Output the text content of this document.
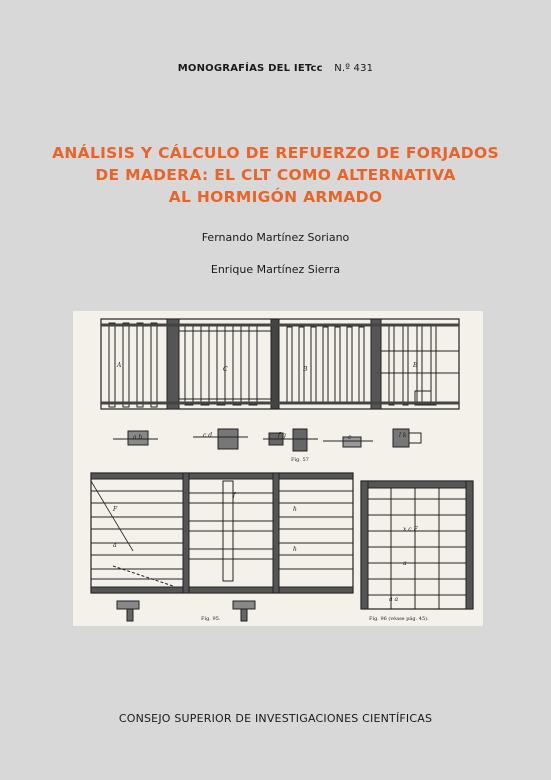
MONOGRAFÍAS DEL IETcc N.º 431
ANÁLISIS Y CÁLCULO DE REFUERZO DE FORJADOS
DE MADERA: EL CLT COMO ALTERNATIVA
AL HORMIGÓN ARMADO
Fernando Martínez Soriano
Enrique Martínez Sierra
A
C	B
E
a b	c d	f g	e	l k
F
a
f
h
h
x c F
a
a a
Fig. 57
Fig. 95.	Fig. 96 (véase pág. 45).
CONSEJO SUPERIOR DE INVESTIGACIONES CIENTÍFICAS
